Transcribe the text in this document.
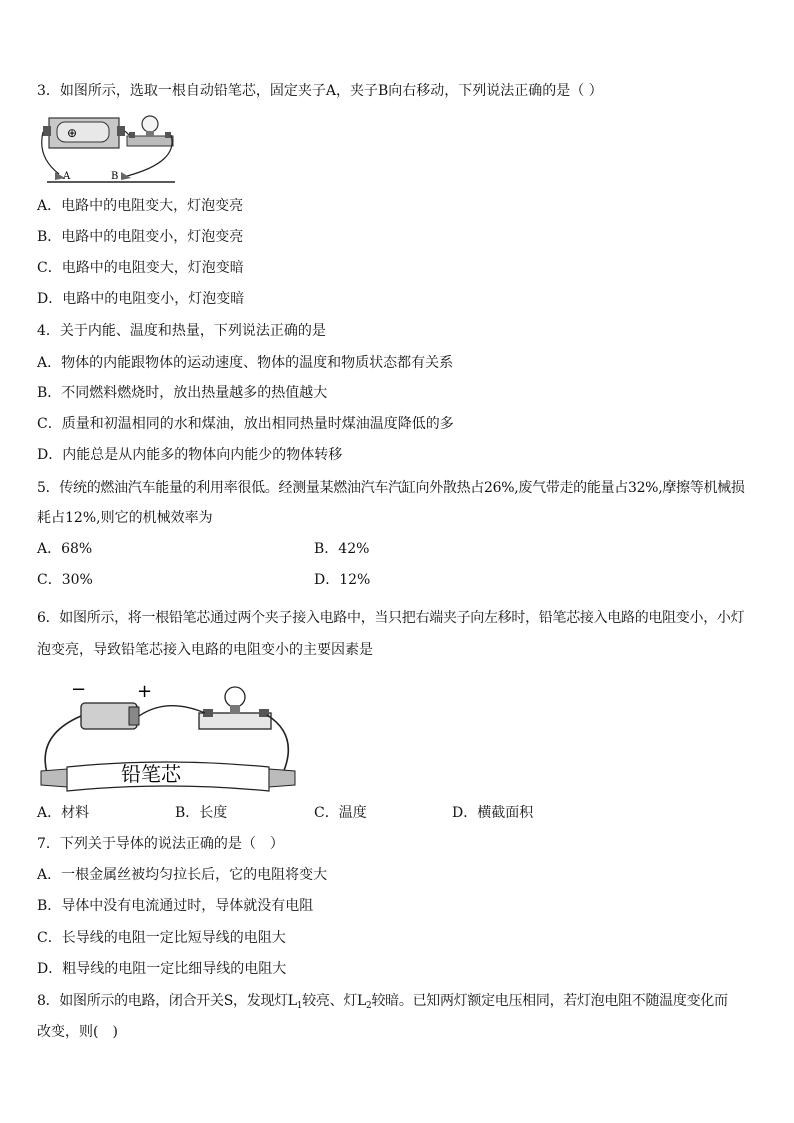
3．如图所示，选取一根自动铅笔芯，固定夹子A，夹子B向右移动，下列说法正确的是（ ）
⊕
A	B
A．电路中的电阻变大，灯泡变亮
B．电路中的电阻变小，灯泡变亮
C．电路中的电阻变大，灯泡变暗
D．电路中的电阻变小，灯泡变暗
4．关于内能、温度和热量，下列说法正确的是
A．物体的内能跟物体的运动速度、物体的温度和物质状态都有关系
B．不同燃料燃烧时，放出热量越多的热值越大
C．质量和初温相同的水和煤油，放出相同热量时煤油温度降低的多
D．内能总是从内能多的物体向内能少的物体转移
5．传统的燃油汽车能量的利用率很低。经测量某燃油汽车汽缸向外散热占26%,废气带走的能量占32%,摩擦等机械损
耗占12%,则它的机械效率为
A．68%	B．42%
C．30%	D．12%
6．如图所示，将一根铅笔芯通过两个夹子接入电路中，当只把右端夹子向左移时，铅笔芯接入电路的电阻变小，小灯
泡变亮，导致铅笔芯接入电路的电阻变小的主要因素是
−	+
铅笔芯
A．材料	B．长度	C．温度	D．横截面积
7．下列关于导体的说法正确的是（　）
A．一根金属丝被均匀拉长后，它的电阻将变大
B．导体中没有电流通过时，导体就没有电阻
C．长导线的电阻一定比短导线的电阻大
D．粗导线的电阻一定比细导线的电阻大
8．如图所示的电路，闭合开关S，发现灯$L_1$较亮、灯$L_2$较暗。已知两灯额定电压相同，若灯泡电阻不随温度变化而
改变，则(　)
